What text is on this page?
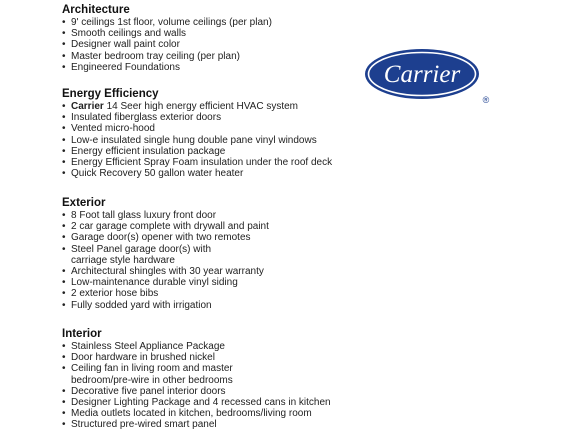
Architecture
• 9' ceilings 1st floor, volume ceilings (per plan)
• Smooth ceilings and walls
• Designer wall paint color
• Master bedroom tray ceiling (per plan)
• Engineered Foundations
Energy Efficiency
• Carrier 14 Seer high energy efficient HVAC system
• Insulated fiberglass exterior doors
• Vented micro-hood
• Low-e insulated single hung double pane vinyl windows
• Energy efficient insulation package
• Energy Efficient Spray Foam insulation under the roof deck
• Quick Recovery 50 gallon water heater
Exterior
• 8 Foot tall glass luxury front door
• 2 car garage complete with drywall and paint
• Garage door(s) opener with two remotes
• Steel Panel garage door(s) with
carriage style hardware
• Architectural shingles with 30 year warranty
• Low-maintenance durable vinyl siding
• 2 exterior hose bibs
• Fully sodded yard with irrigation
Interior
• Stainless Steel Appliance Package
• Door hardware in brushed nickel
• Ceiling fan in living room and master
bedroom/pre-wire in other bedrooms
• Decorative five panel interior doors
• Designer Lighting Package and 4 recessed cans in kitchen
• Media outlets located in kitchen, bedrooms/living room
• Structured pre-wired smart panel
Carrier
®
